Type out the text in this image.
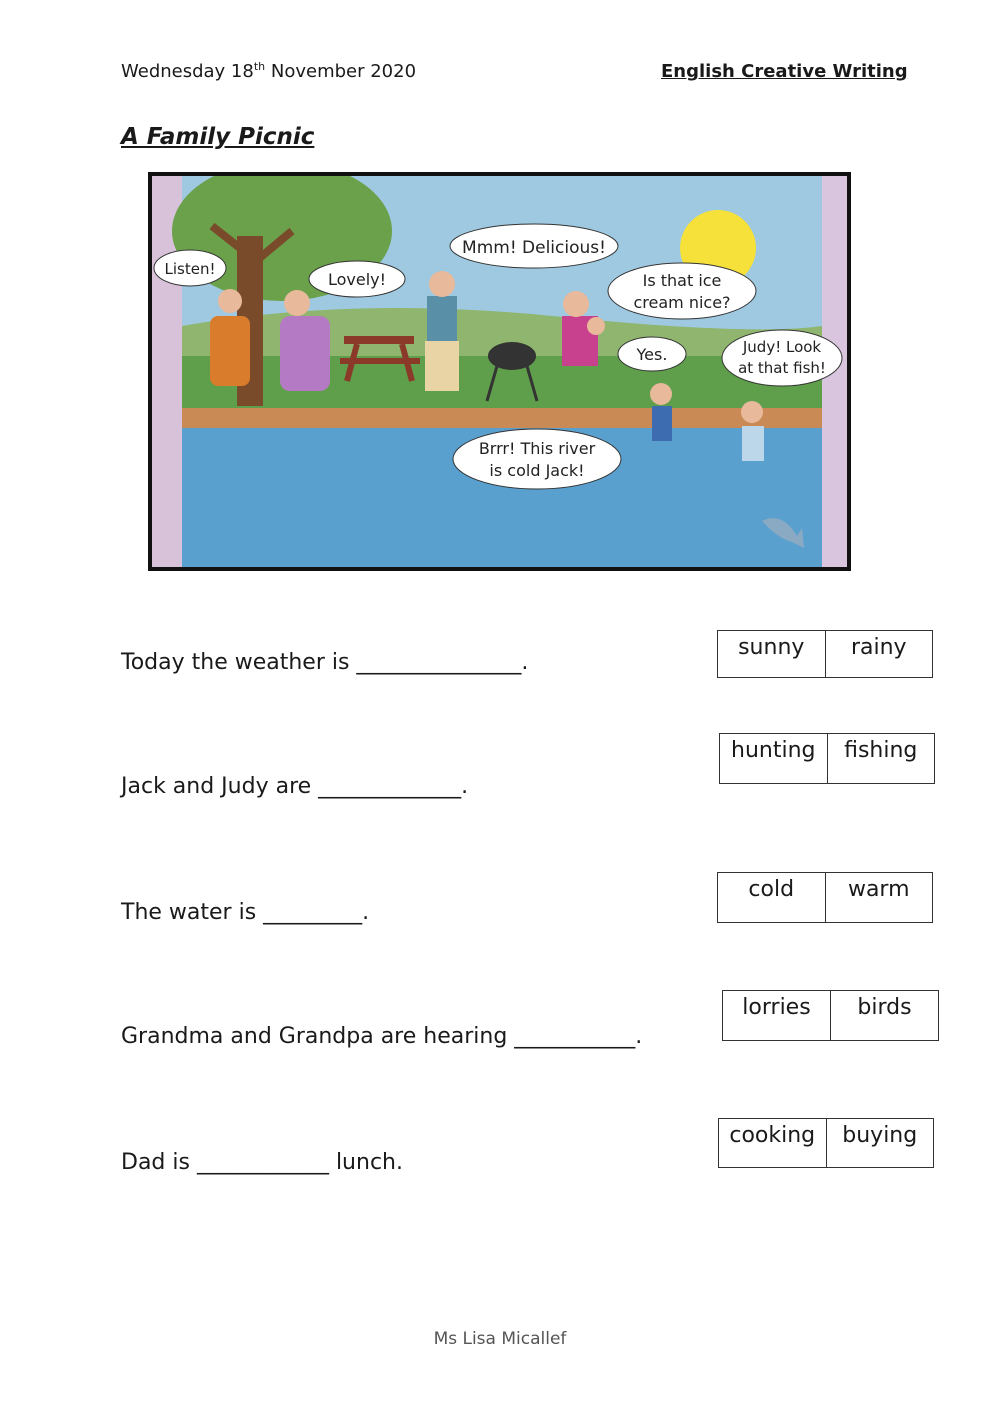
Wednesday 18th November 2020	English Creative Writing
A Family Picnic
Listen!
Lovely!
Mmm! Delicious!
Is that ice
cream nice?
Yes.	Judy! Look
at that fish!
Brrr! This river
is cold Jack!
Today the weather is _______________.
sunny	rainy
Jack and Judy are _____________.
hunting	fishing
The water is _________.
cold	warm
Grandma and Grandpa are hearing ___________.
lorries	birds
Dad is ____________ lunch.
cooking	buying
Ms Lisa Micallef
